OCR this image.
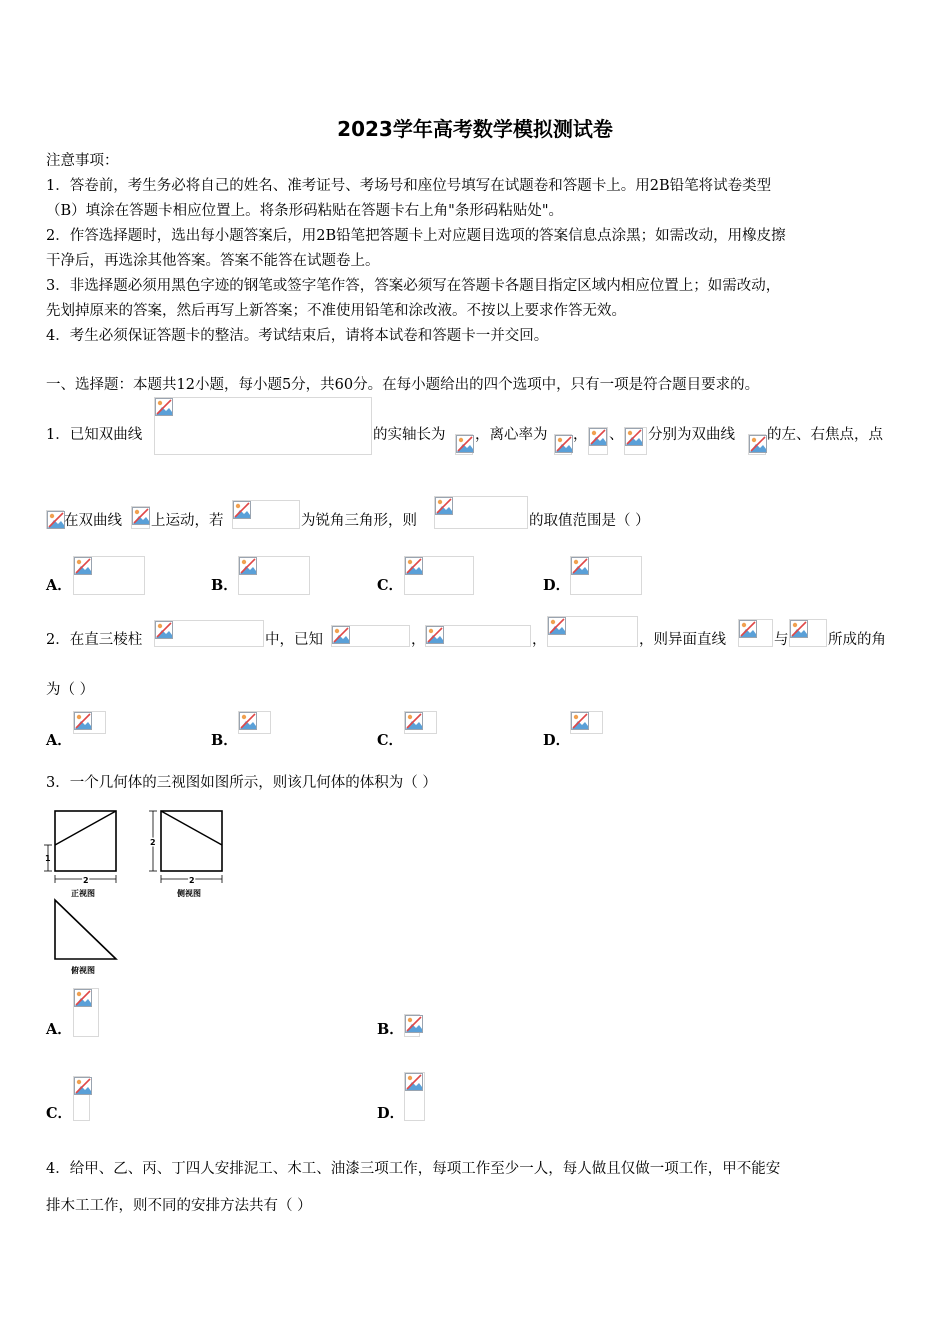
2023学年高考数学模拟测试卷
注意事项：
1．答卷前，考生务必将自己的姓名、准考证号、考场号和座位号填写在试题卷和答题卡上。用2B铅笔将试卷类型
（B）填涂在答题卡相应位置上。将条形码粘贴在答题卡右上角"条形码粘贴处"。
2．作答选择题时，选出每小题答案后，用2B铅笔把答题卡上对应题目选项的答案信息点涂黑；如需改动，用橡皮擦
干净后，再选涂其他答案。答案不能答在试题卷上。
3．非选择题必须用黑色字迹的钢笔或签字笔作答，答案必须写在答题卡各题目指定区域内相应位置上；如需改动，
先划掉原来的答案，然后再写上新答案；不准使用铅笔和涂改液。不按以上要求作答无效。
4．考生必须保证答题卡的整洁。考试结束后，请将本试卷和答题卡一并交回。
一、选择题：本题共12小题，每小题5分，共60分。在每小题给出的四个选项中，只有一项是符合题目要求的。
1．已知双曲线	的实轴长为 ，离心率为 ， 、 分别为双曲线 的左、右焦点，点
在双曲线 上运动，若	为锐角三角形，则	的取值范围是（ ）
A．	B．	C．	D．
2．在直三棱柱	中，已知	，	，	，则异面直线	与	所成的角
为（ ）
A．	B．	C．	D．
3．一个几何体的三视图如图所示，则该几何体的体积为（ ）
1
2
正视图
2
2
侧视图
俯视图
A．	B．
C．	D．
4．给甲、乙、丙、丁四人安排泥工、木工、油漆三项工作，每项工作至少一人，每人做且仅做一项工作，甲不能安
排木工工作，则不同的安排方法共有（ ）
